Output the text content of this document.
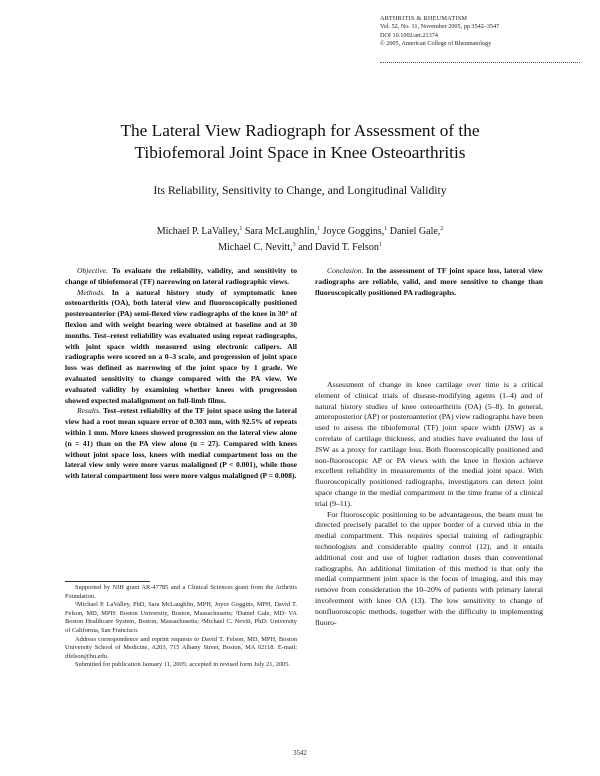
ARTHRITIS & RHEUMATISM
Vol. 52, No. 11, November 2005, pp 3542–3547
DOI 10.1002/art.21374
© 2005, American College of Rheumatology
The Lateral View Radiograph for Assessment of the
Tibiofemoral Joint Space in Knee Osteoarthritis
Its Reliability, Sensitivity to Change, and Longitudinal Validity
Michael P. LaValley,$^1$ Sara McLaughlin,$^1$ Joyce Goggins,$^1$ Daniel Gale,$^2$
Michael C. Nevitt,$^3$ and David T. Felson$^1$

Objective. To evaluate the reliability, validity, and sensitivity to change of tibiofemoral (TF) narrowing on lateral radiographic views.

Methods. In a natural history study of symptomatic knee osteoarthritis (OA), both lateral view and fluoroscopically positioned posteroanterior (PA) semi-flexed view radiographs of the knee in 30° of flexion and with weight bearing were obtained at baseline and at 30 months. Test–retest reliability was evaluated using repeat radiographs, with joint space width measured using electronic calipers. All radiographs were scored on a 0–3 scale, and progression of joint space loss was defined as narrowing of the joint space by 1 grade. We evaluated sensitivity to change compared with the PA view. We evaluated validity by examining whether knees with progression showed expected malalignment on full-limb films.

Results. Test–retest reliability of the TF joint space using the lateral view had a root mean square error of 0.303 mm, with 92.5% of repeats within 1 mm. More knees showed progression on the lateral view alone (n = 41) than on the PA view alone (n = 27). Compared with knees without joint space loss, knees with medial compartment loss on the lateral view only were more varus malaligned (P < 0.001), while those with lateral compartment loss were more valgus malaligned (P = 0.008).

Conclusion. In the assessment of TF joint space loss, lateral view radiographs are reliable, valid, and more sensitive to change than fluoroscopically positioned PA radiographs.

Assessment of change in knee cartilage over time is a critical element of clinical trials of disease-modifying agents (1–4) and of natural history studies of knee osteoarthritis (OA) (5–8). In general, anteroposterior (AP) or posteroanterior (PA) view radiographs have been used to assess the tibiofemoral (TF) joint space width (JSW) as a correlate of cartilage thickness, and studies have evaluated the loss of JSW as a proxy for cartilage loss. Both fluoroscopically positioned and non-fluoroscopic AP or PA views with the knee in flexion achieve excellent reliability in measurements of the medial joint space. With fluoroscopically positioned radiographs, investigators can detect joint space change in the medial compartment in the time frame of a clinical trial (9–11).

For fluoroscopic positioning to be advantageous, the beam must be directed precisely parallel to the upper border of a curved tibia in the medial compartment. This requires special training of radiographic technologists and considerable quality control (12), and it entails additional cost and use of higher radiation doses than conventional radiographs. An additional limitation of this method is that only the medial compartment joint space is the focus of imaging, and this may remove from consideration the 10–20% of patients with primary lateral involvement with knee OA (13). The low sensitivity to change of nonfluoroscopic methods, together with the difficulty in implementing fluoro-

Supported by NIH grant AR-47785 and a Clinical Sciences grant from the Arthritis Foundation.

¹Michael P. LaValley, PhD, Sara McLaughlin, MPH, Joyce Goggins, MPH, David T. Felson, MD, MPH: Boston University, Boston, Massachusetts; ²Daniel Gale, MD: VA Boston Healthcare System, Boston, Massachusetts; ³Michael C. Nevitt, PhD: University of California, San Francisco.

Address correspondence and reprint requests to David T. Felson, MD, MPH, Boston University School of Medicine, A203, 715 Albany Street, Boston, MA 02118. E-mail: dfelson@bu.edu.

Submitted for publication January 11, 2005; accepted in revised form July 21, 2005.

3542
